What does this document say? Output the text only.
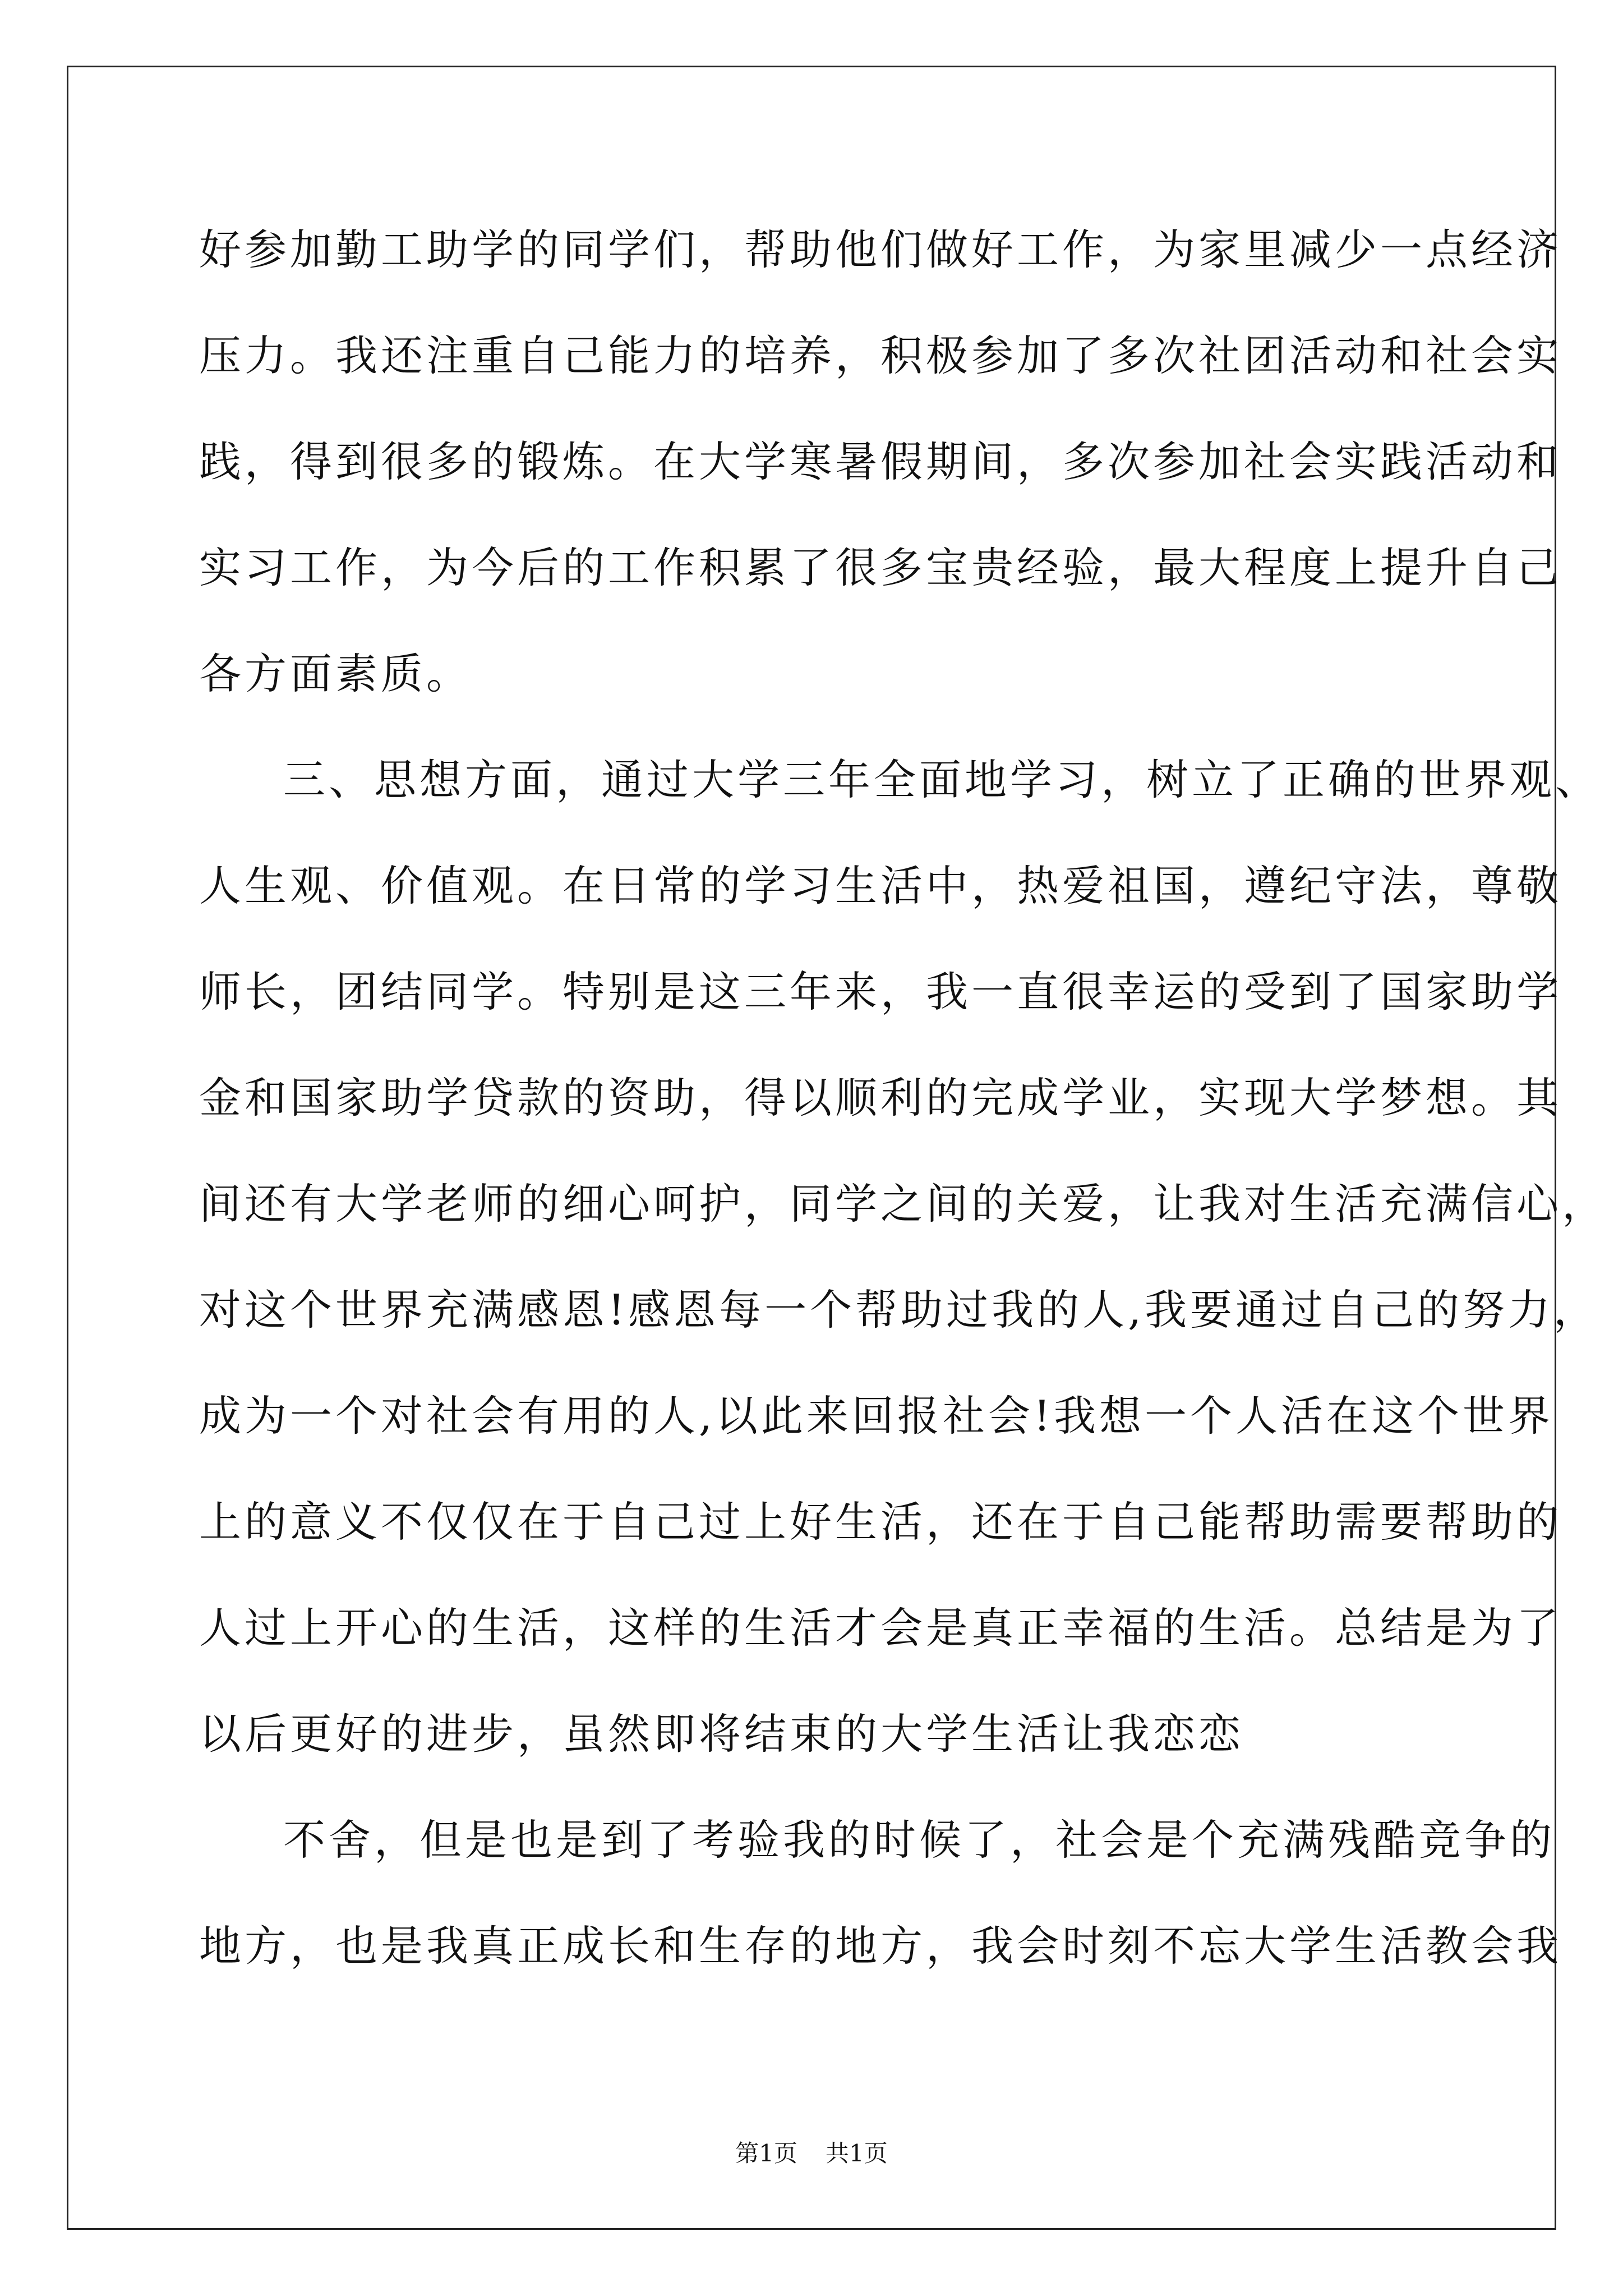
好参加勤工助学的同学们，帮助他们做好工作，为家里减少一点经济
压力。我还注重自己能力的培养，积极参加了多次社团活动和社会实
践，得到很多的锻炼。在大学寒暑假期间，多次参加社会实践活动和
实习工作，为今后的工作积累了很多宝贵经验，最大程度上提升自己
各方面素质。
三、思想方面，通过大学三年全面地学习，树立了正确的世界观、
人生观、价值观。在日常的学习生活中，热爱祖国，遵纪守法，尊敬
师长，团结同学。特别是这三年来，我一直很幸运的受到了国家助学
金和国家助学贷款的资助，得以顺利的完成学业，实现大学梦想。其
间还有大学老师的细心呵护，同学之间的关爱，让我对生活充满信心，
对这个世界充满感恩!感恩每一个帮助过我的人,我要通过自己的努力，
成为一个对社会有用的人,以此来回报社会!我想一个人活在这个世界
上的意义不仅仅在于自己过上好生活，还在于自己能帮助需要帮助的
人过上开心的生活，这样的生活才会是真正幸福的生活。总结是为了
以后更好的进步，虽然即将结束的大学生活让我恋恋
不舍，但是也是到了考验我的时候了，社会是个充满残酷竞争的
地方，也是我真正成长和生存的地方，我会时刻不忘大学生活教会我
第1页 共1页
